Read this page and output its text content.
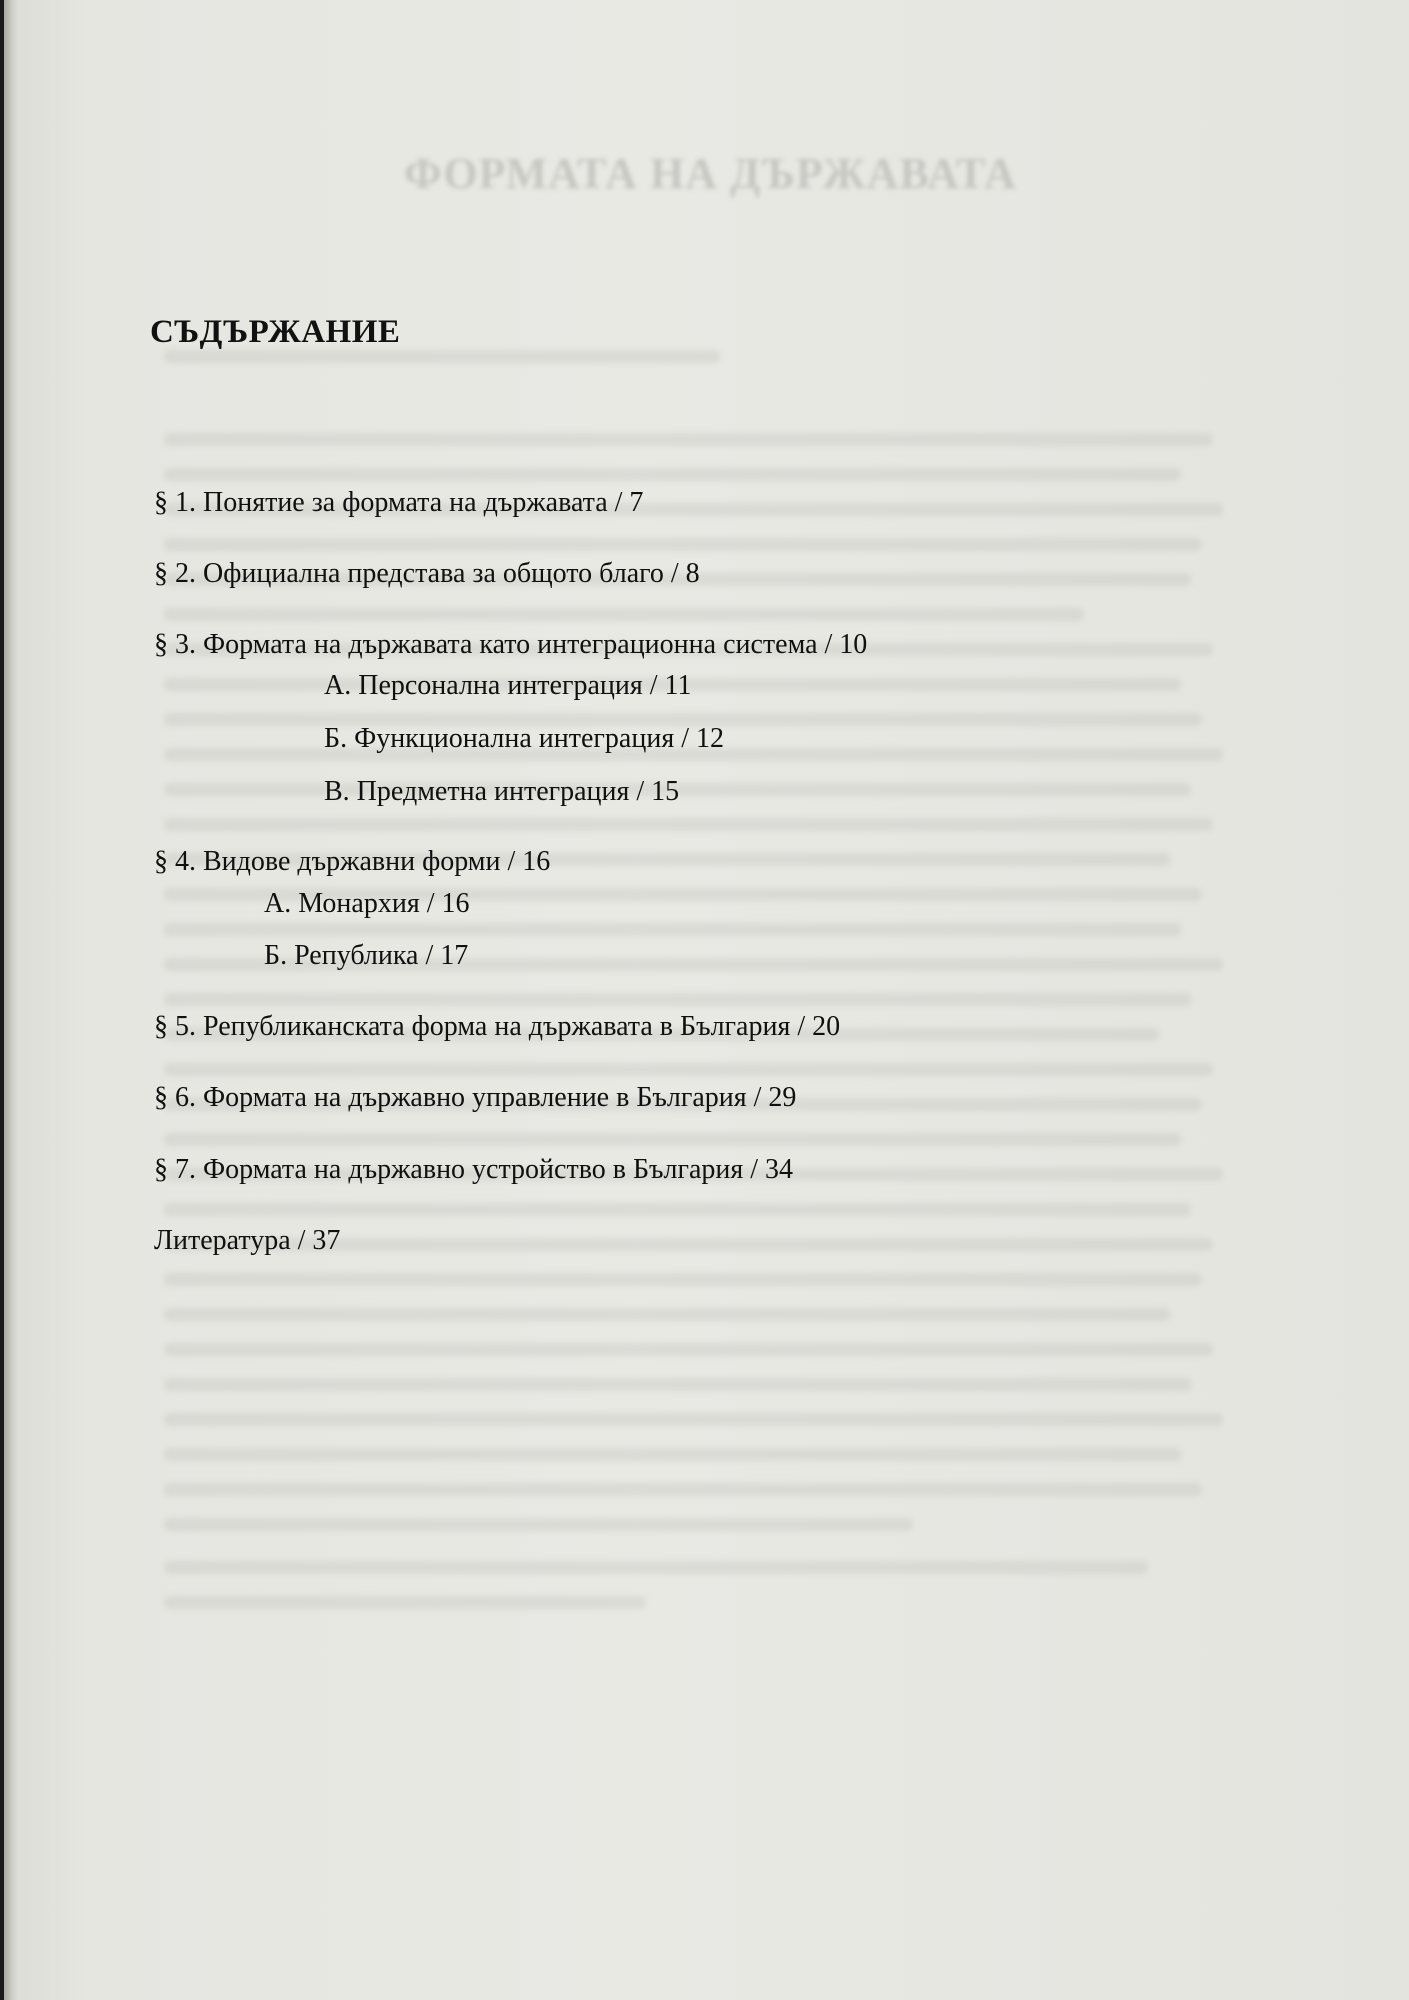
ФОРМАТА НА ДЪРЖАВАТА
СЪДЪРЖАНИЕ
§ 1. Понятие за формата на държавата / 7
§ 2. Официална представа за общото благо / 8
§ 3. Формата на държавата като интеграционна система / 10
А. Персонална интеграция / 11
Б. Функционална интеграция / 12
В. Предметна интеграция / 15
§ 4. Видове държавни форми / 16
А. Монархия / 16
Б. Република / 17
§ 5. Републиканската форма на държавата в България / 20
§ 6. Формата на държавно управление в България / 29
§ 7. Формата на държавно устройство в България / 34
Литература / 37
